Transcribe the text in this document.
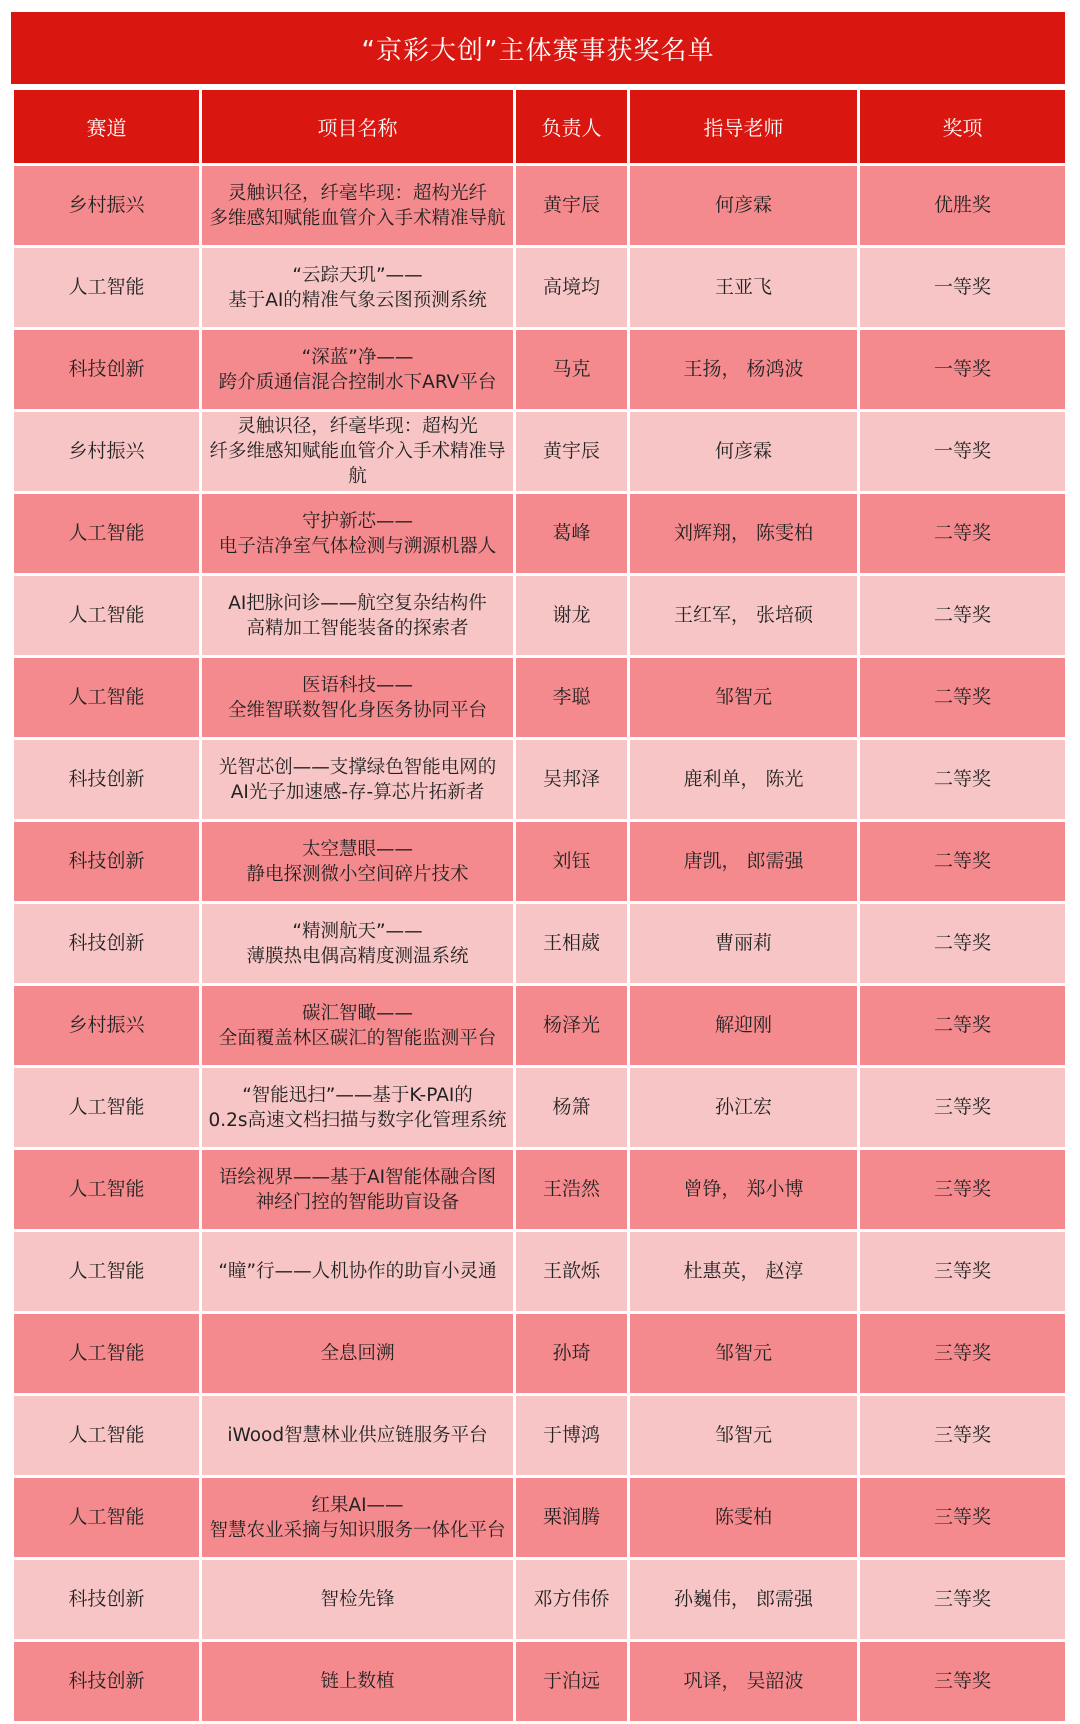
“京彩大创”主体赛事获奖名单
赛道	项目名称	负责人	指导老师	奖项
乡村振兴	灵触识径，纤毫毕现：超构光纤
多维感知赋能血管介入手术精准导航	黄宇辰	何彦霖	优胜奖
人工智能	“云踪天玑”——
基于AI的精准气象云图预测系统	高境均	王亚飞	一等奖
科技创新	“深蓝”净——
跨介质通信混合控制水下ARV平台	马克	王扬， 杨鸿波	一等奖
乡村振兴	灵触识径，纤毫毕现：超构光
纤多维感知赋能血管介入手术精准导
航	黄宇辰	何彦霖	一等奖
人工智能	守护新芯——
电子洁净室气体检测与溯源机器人	葛峰	刘辉翔， 陈雯柏	二等奖
人工智能	AI把脉问诊——航空复杂结构件
高精加工智能装备的探索者	谢龙	王红军， 张培硕	二等奖
人工智能	医语科技——
全维智联数智化身医务协同平台	李聪	邹智元	二等奖
科技创新	光智芯创——支撑绿色智能电网的
AI光子加速感-存-算芯片拓新者	吴邦泽	鹿利单， 陈光	二等奖
科技创新	太空慧眼——
静电探测微小空间碎片技术	刘钰	唐凯， 郎需强	二等奖
科技创新	“精测航天”——
薄膜热电偶高精度测温系统	王相葳	曹丽莉	二等奖
乡村振兴	碳汇智瞰——
全面覆盖林区碳汇的智能监测平台	杨泽光	解迎刚	二等奖
人工智能	“智能迅扫”——基于K-PAI的
0.2s高速文档扫描与数字化管理系统	杨箫	孙江宏	三等奖
人工智能	语绘视界——基于AI智能体融合图
神经门控的智能助盲设备	王浩然	曾铮， 郑小博	三等奖
人工智能	“瞳”行——人机协作的助盲小灵通	王歆烁	杜惠英， 赵淳	三等奖
人工智能	全息回溯	孙琦	邹智元	三等奖
人工智能	iWood智慧林业供应链服务平台	于博鸿	邹智元	三等奖
人工智能	红果AI——
智慧农业采摘与知识服务一体化平台	栗润腾	陈雯柏	三等奖
科技创新	智检先锋	邓方伟侨	孙巍伟， 郎需强	三等奖
科技创新	链上数植	于泊远	巩译， 吴韶波	三等奖
